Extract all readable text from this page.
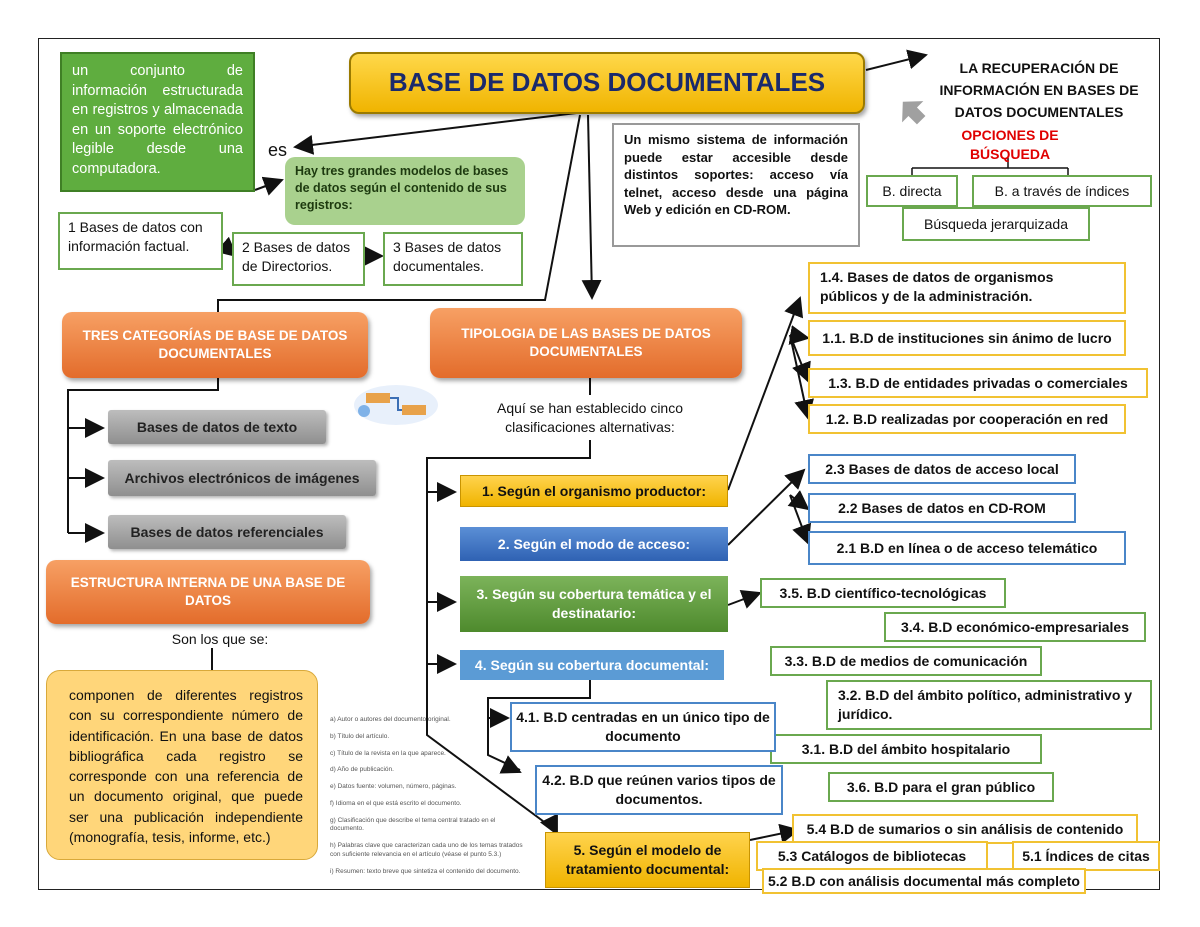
BASE DE DATOS DOCUMENTALES
un conjunto de información estructurada en registros y almacenada en un soporte electrónico legible desde una computadora.
es
Hay tres grandes modelos de bases de datos según el contenido de sus registros:
1 Bases de datos con información factual.	2 Bases de datos de Directorios.
3 Bases de datos documentales.
Un mismo sistema de información puede estar accesible desde distintos soportes: acceso vía telnet, acceso desde una página Web y edición en CD-ROM.
LA RECUPERACIÓN DE INFORMACIÓN EN BASES DE DATOS DOCUMENTALES
OPCIONES DE BÚSQUEDA
B. directa	B. a través de índices
Búsqueda jerarquizada
TRES CATEGORÍAS DE BASE DE DATOS DOCUMENTALES
Bases de datos de texto
Archivos electrónicos de imágenes
Bases de datos referenciales
ESTRUCTURA INTERNA DE UNA BASE DE DATOS
Son los que se:
componen de diferentes registros con su correspondiente número de identificación. En una base de datos bibliográfica cada registro se corresponde con una referencia de un documento original, que puede ser una publicación independiente (monografía, tesis, informe, etc.)
a) Autor o autores del documento original.
b) Título del artículo.
c) Título de la revista en la que aparece.
d) Año de publicación.
e) Datos fuente: volumen, número, páginas.
f) Idioma en el que está escrito el documento.
g) Clasificación que describe el tema central tratado en el documento.
h) Palabras clave que caracterizan cada uno de los temas tratados con suficiente relevancia en el artículo (véase el punto 5.3.)
i) Resumen: texto breve que sintetiza el contenido del documento.
TIPOLOGIA DE LAS BASES DE DATOS DOCUMENTALES
Aquí se han establecido cinco clasificaciones alternativas:
1. Según el organismo productor:
2. Según el modo de acceso:
3. Según su cobertura temática y el destinatario:
4. Según su cobertura documental:
5. Según el modelo de tratamiento documental:
1.4. Bases de datos de organismos públicos y de la administración.
1.1. B.D de instituciones sin ánimo de lucro
1.3. B.D de entidades privadas o comerciales
1.2. B.D realizadas por cooperación en red
2.3 Bases de datos de acceso local
2.2 Bases de datos en CD-ROM
2.1 B.D en línea o de acceso telemático
3.5. B.D científico-tecnológicas
3.4. B.D económico-empresariales
3.3. B.D de medios de comunicación
3.2. B.D del ámbito político, administrativo y jurídico.
3.1. B.D del ámbito hospitalario
3.6. B.D para el gran público
4.1. B.D centradas en un único tipo de documento
4.2. B.D que reúnen varios tipos de documentos.
5.4 B.D de sumarios o sin análisis de contenido
5.3 Catálogos de bibliotecas	5.1 Índices de citas
5.2 B.D con análisis documental más completo
